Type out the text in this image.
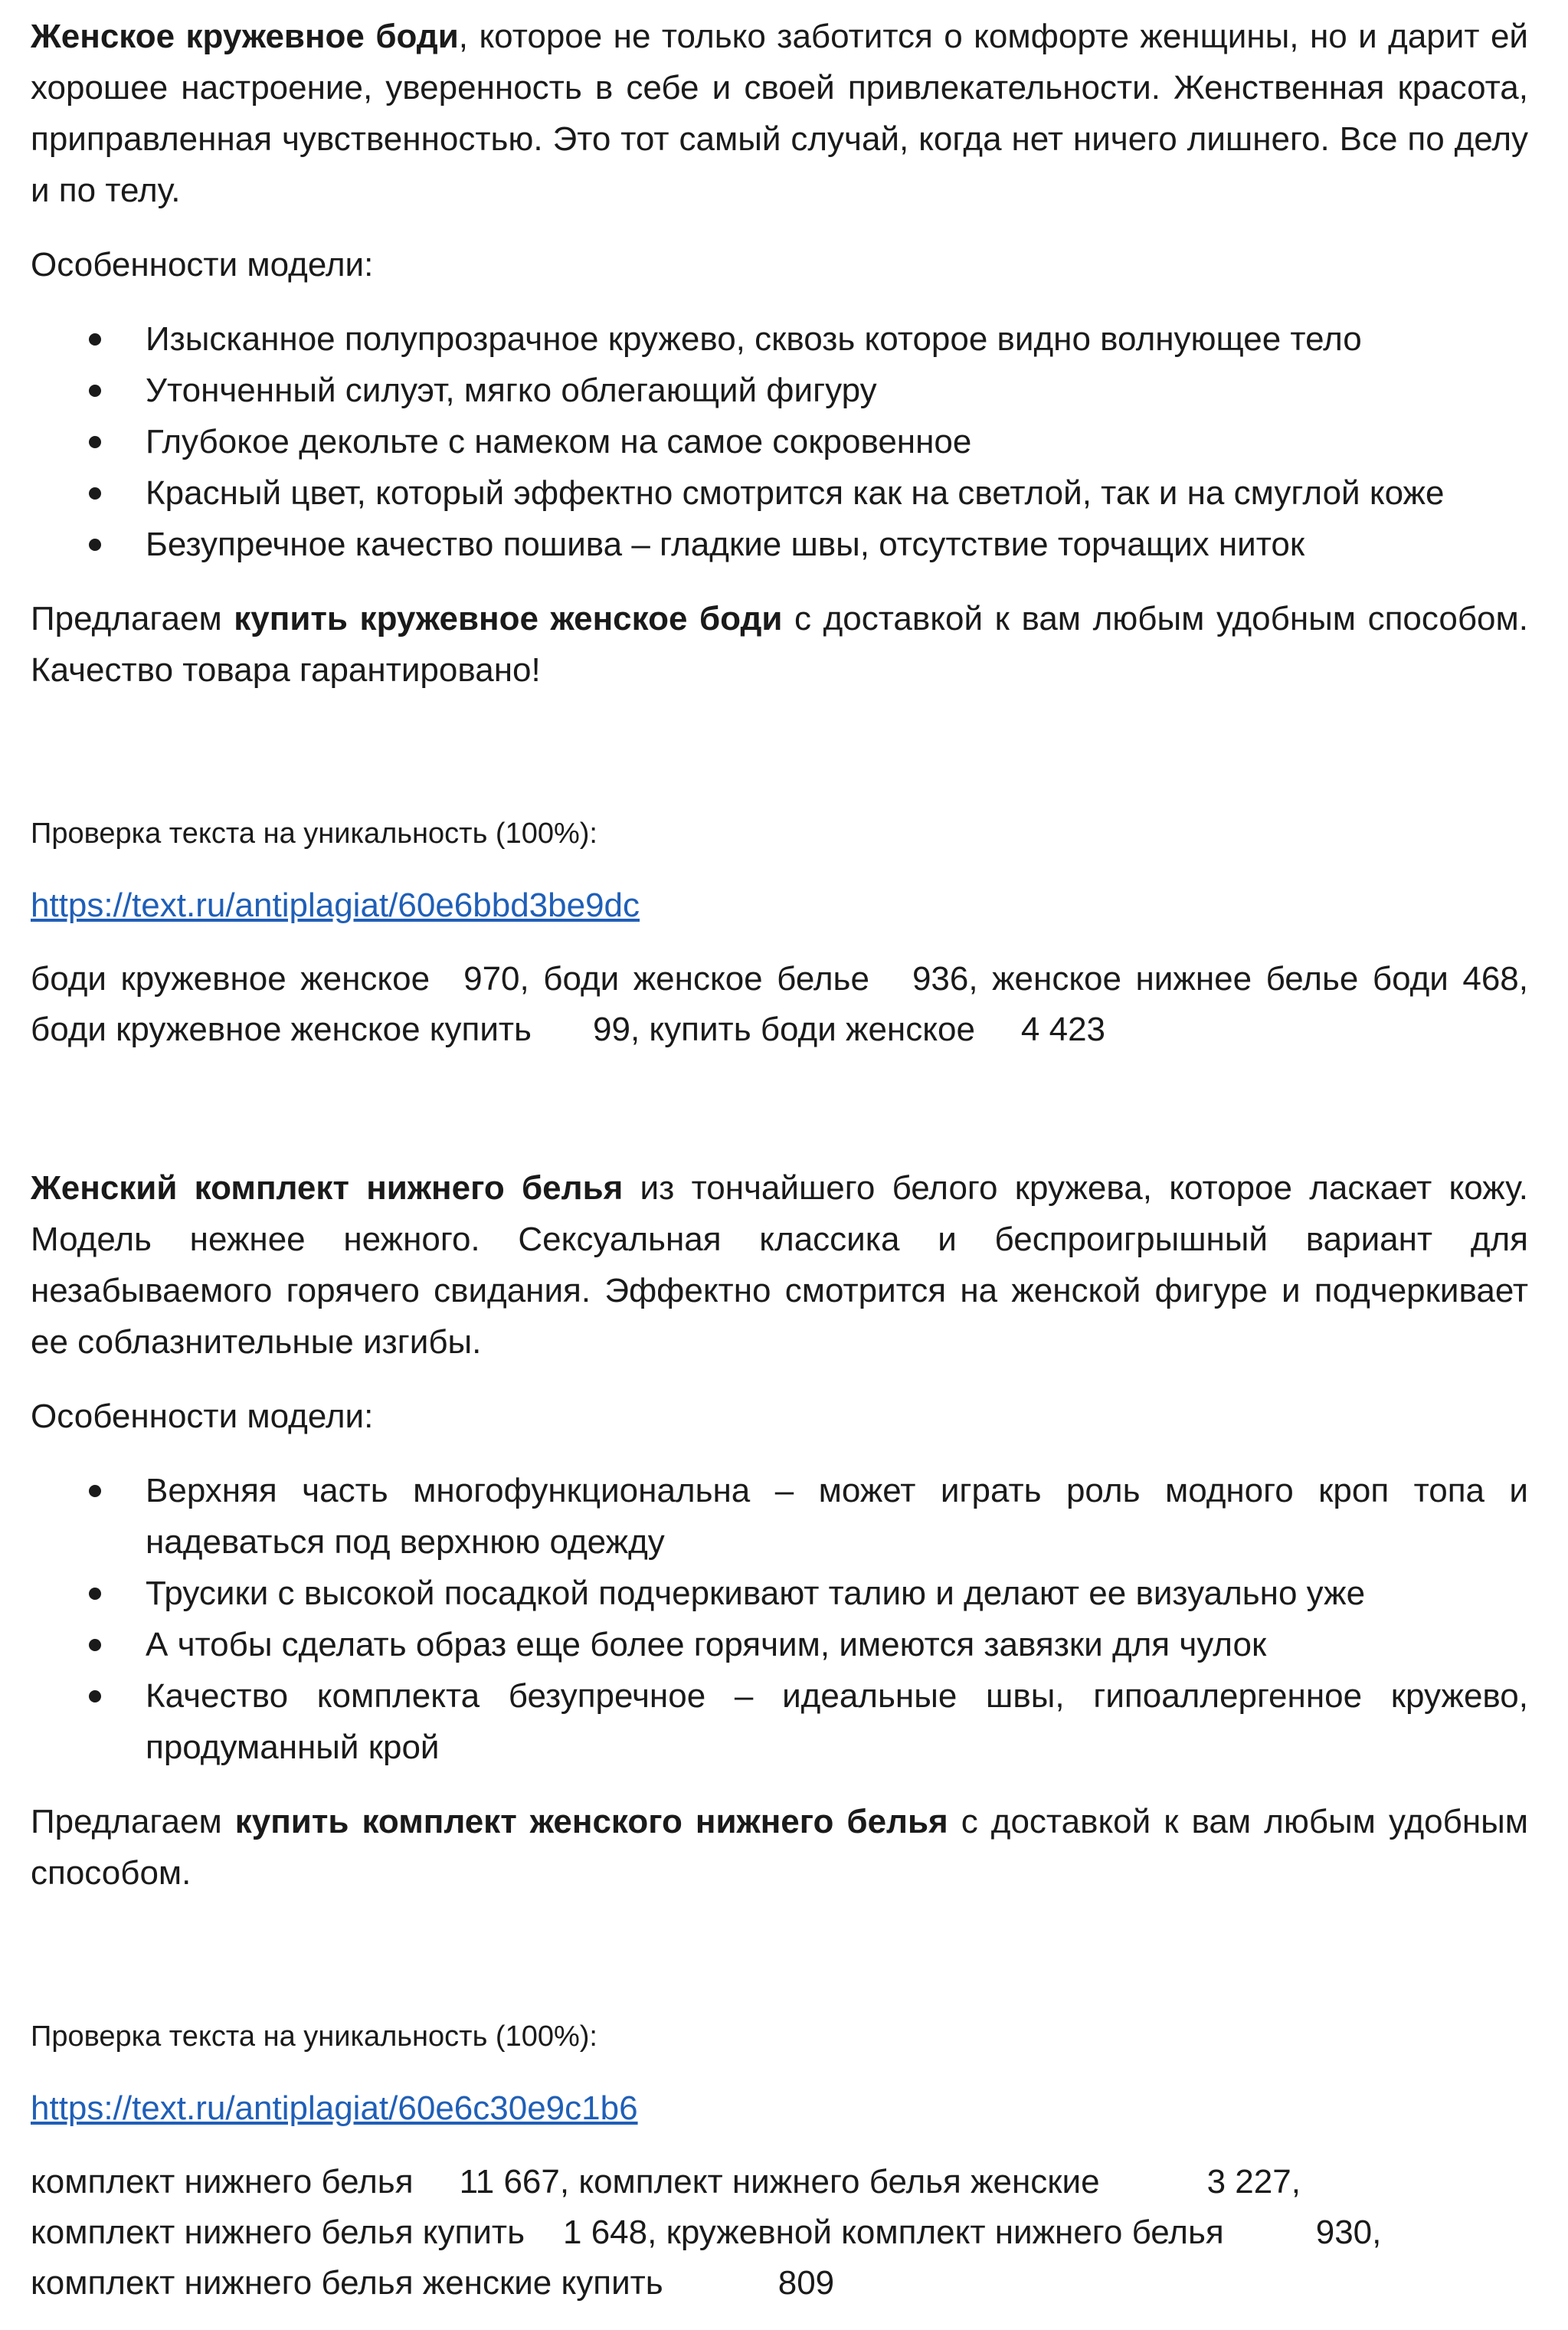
Женское кружевное боди, которое не только заботится о комфорте женщины, но и дарит ей хорошее настроение, уверенность в себе и своей привлекательности. Женственная красота, приправленная чувственностью. Это тот самый случай, когда нет ничего лишнего. Все по делу и по телу.

Особенности модели:

Изысканное полупрозрачное кружево, сквозь которое видно волнующее тело
Утонченный силуэт, мягко облегающий фигуру
Глубокое декольте с намеком на самое сокровенное
Красный цвет, который эффектно смотрится как на светлой, так и на смуглой коже
Безупречное качество пошива – гладкие швы, отсутствие торчащих ниток

Предлагаем купить кружевное женское боди с доставкой к вам любым удобным способом. Качество товара гарантировано!

Проверка текста на уникальность (100%):

https://text.ru/antiplagiat/60e6bbd3be9dc

боди кружевное женское 970, боди женское белье 936, женское нижнее белье боди 468, боди кружевное женское купить 99, купить боди женское 4 423

Женский комплект нижнего белья из тончайшего белого кружева, которое ласкает кожу. Модель нежнее нежного. Сексуальная классика и беспроигрышный вариант для незабываемого горячего свидания. Эффектно смотрится на женской фигуре и подчеркивает ее соблазнительные изгибы.

Особенности модели:

Верхняя часть многофункциональна – может играть роль модного кроп топа и надеваться под верхнюю одежду
Трусики с высокой посадкой подчеркивают талию и делают ее визуально уже
А чтобы сделать образ еще более горячим, имеются завязки для чулок
Качество комплекта безупречное – идеальные швы, гипоаллергенное кружево, продуманный крой

Предлагаем купить комплект женского нижнего белья с доставкой к вам любым удобным способом.

Проверка текста на уникальность (100%):

https://text.ru/antiplagiat/60e6c30e9c1b6

комплект нижнего белья 11 667, комплект нижнего белья женские	3 227,
комплект нижнего белья купить 1 648, кружевной комплект нижнего белья	930,
комплект нижнего белья женские купить	809
